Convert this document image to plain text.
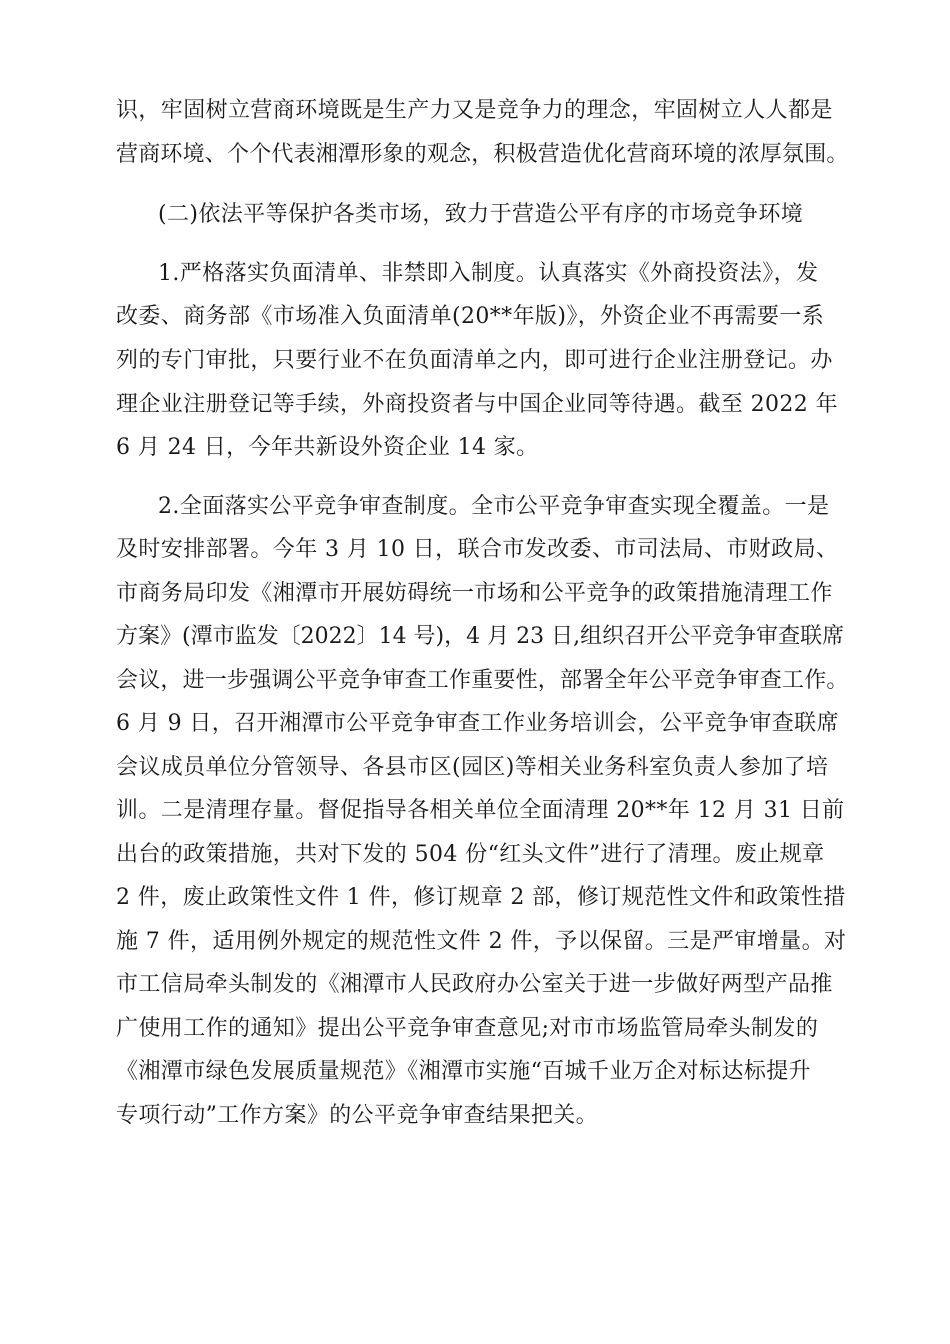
识，牢固树立营商环境既是生产力又是竞争力的理念，牢固树立人人都是
营商环境、个个代表湘潭形象的观念，积极营造优化营商环境的浓厚氛围。
(二)依法平等保护各类市场，致力于营造公平有序的市场竞争环境
1.严格落实负面清单、非禁即入制度。认真落实《外商投资法》，发
改委、商务部《市场准入负面清单(20**年版)》，外资企业不再需要一系
列的专门审批，只要行业不在负面清单之内，即可进行企业注册登记。办
理企业注册登记等手续，外商投资者与中国企业同等待遇。截至 2022 年
6 月 24 日，今年共新设外资企业 14 家。
2.全面落实公平竞争审查制度。全市公平竞争审查实现全覆盖。一是
及时安排部署。今年 3 月 10 日，联合市发改委、市司法局、市财政局、
市商务局印发《湘潭市开展妨碍统一市场和公平竞争的政策措施清理工作
方案》(潭市监发〔2022〕14 号)，4 月 23 日,组织召开公平竞争审查联席
会议，进一步强调公平竞争审查工作重要性，部署全年公平竞争审查工作。
6 月 9 日，召开湘潭市公平竞争审查工作业务培训会，公平竞争审查联席
会议成员单位分管领导、各县市区(园区)等相关业务科室负责人参加了培
训。二是清理存量。督促指导各相关单位全面清理 20**年 12 月 31 日前
出台的政策措施，共对下发的 504 份“红头文件”进行了清理。废止规章
2 件，废止政策性文件 1 件，修订规章 2 部，修订规范性文件和政策性措
施 7 件，适用例外规定的规范性文件 2 件，予以保留。三是严审增量。对
市工信局牵头制发的《湘潭市人民政府办公室关于进一步做好两型产品推
广使用工作的通知》提出公平竞争审查意见;对市市场监管局牵头制发的
《湘潭市绿色发展质量规范》《湘潭市实施“百城千业万企对标达标提升
专项行动”工作方案》的公平竞争审查结果把关。
